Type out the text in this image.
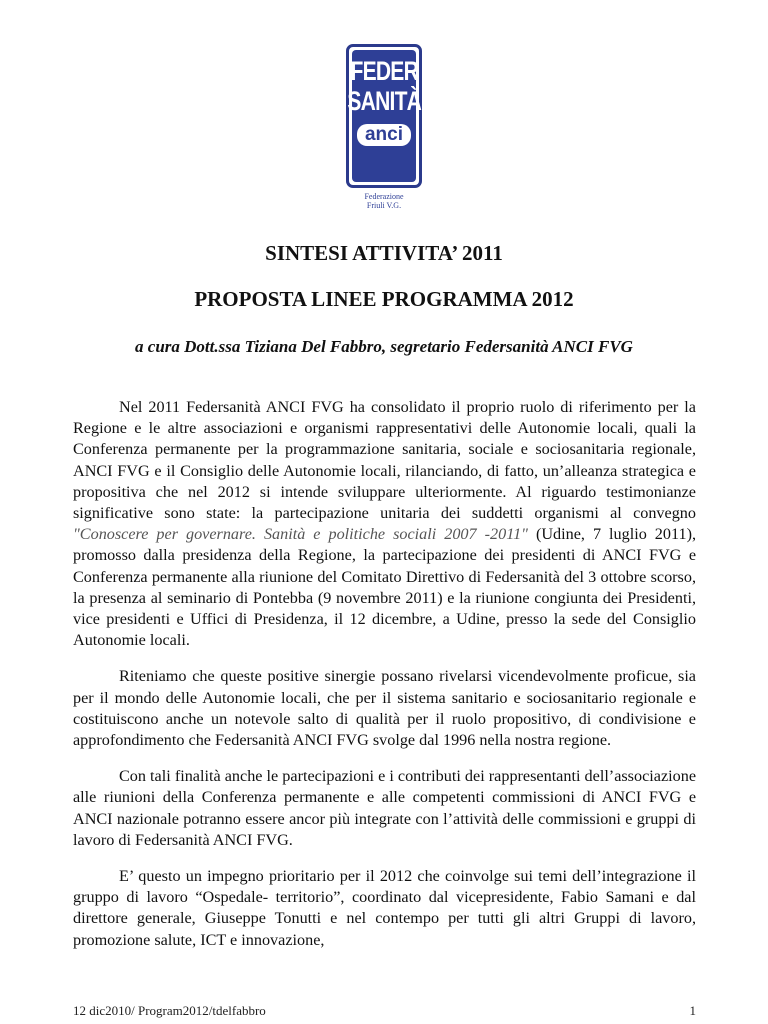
FEDER
SANITÀ
anci
Federazione
Friuli V.G.
SINTESI ATTIVITA’ 2011
PROPOSTA LINEE PROGRAMMA 2012
a cura Dott.ssa Tiziana Del Fabbro, segretario Federsanità ANCI FVG

Nel 2011 Federsanità ANCI FVG ha consolidato il proprio ruolo di riferimento per la Regione e le altre associazioni e organismi rappresentativi delle Autonomie locali, quali la Conferenza permanente per la programmazione sanitaria, sociale e sociosanitaria regionale, ANCI FVG e il Consiglio delle Autonomie locali, rilanciando, di fatto, un’alleanza strategica e propositiva che nel 2012 si intende sviluppare ulteriormente. Al riguardo testimonianze significative sono state: la partecipazione unitaria dei suddetti organismi al convegno "Conoscere per governare. Sanità e politiche sociali 2007 -2011" (Udine, 7 luglio 2011), promosso dalla presidenza della Regione, la partecipazione dei presidenti di ANCI FVG e Conferenza permanente alla riunione del Comitato Direttivo di Federsanità del 3 ottobre scorso, la presenza al seminario di Pontebba (9 novembre 2011) e la riunione congiunta dei Presidenti, vice presidenti e Uffici di Presidenza, il 12 dicembre, a Udine, presso la sede del Consiglio Autonomie locali.

Riteniamo che queste positive sinergie possano rivelarsi vicendevolmente proficue, sia per il mondo delle Autonomie locali, che per il sistema sanitario e sociosanitario regionale e costituiscono anche un notevole salto di qualità per il ruolo propositivo, di condivisione e approfondimento che Federsanità ANCI FVG svolge dal 1996 nella nostra regione.

Con tali finalità anche le partecipazioni e i contributi dei rappresentanti dell’associazione alle riunioni della Conferenza permanente e alle competenti commissioni di ANCI FVG e ANCI nazionale potranno essere ancor più integrate con l’attività delle commissioni e gruppi di lavoro di Federsanità ANCI FVG.

E’ questo un impegno prioritario per il 2012 che coinvolge sui temi dell’integrazione il gruppo di lavoro “Ospedale- territorio”, coordinato dal vicepresidente, Fabio Samani e dal direttore generale, Giuseppe Tonutti e nel contempo per tutti gli altri Gruppi di lavoro, promozione salute, ICT e innovazione,

12 dic2010/ Program2012/tdelfabbro	1
